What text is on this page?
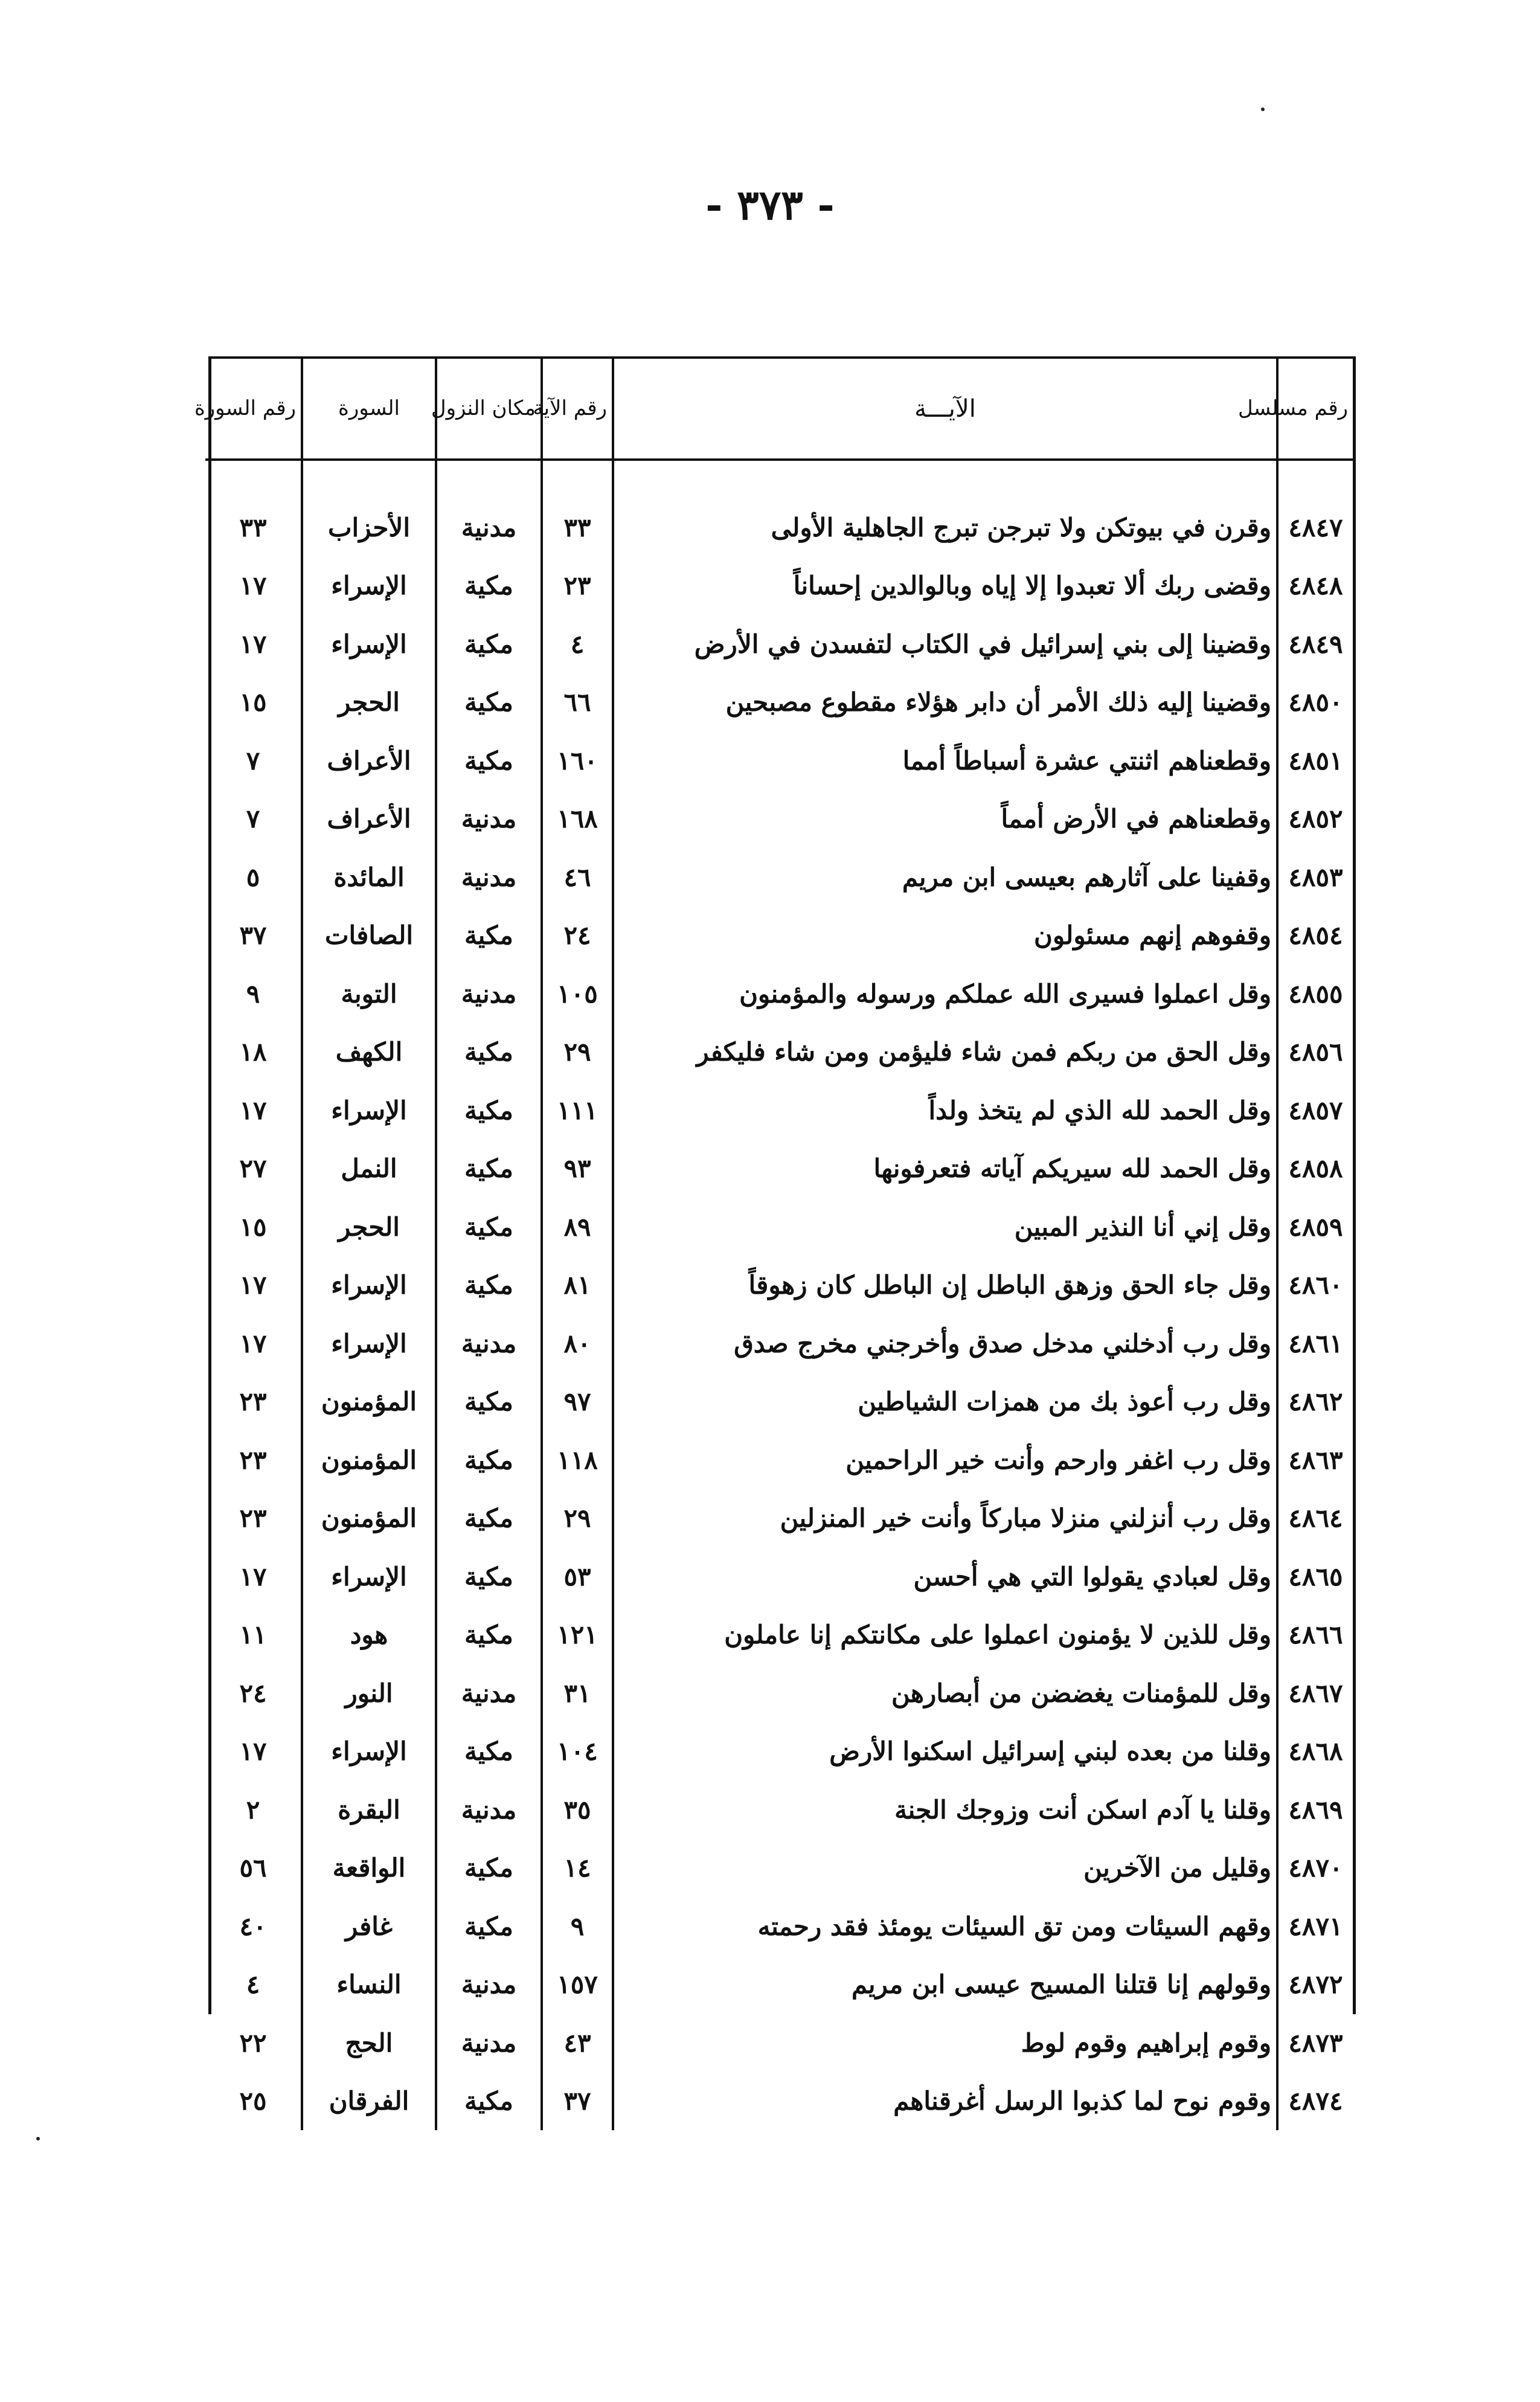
- ٣٧٣ -
رقم مسلسل	الآيـــة	رقم الآية	مكان النزول	السورة	رقم السورة

٤٨٤٧	وقرن في بيوتكن ولا تبرجن تبرج الجاهلية الأولى	٣٣	مدنية	الأحزاب	٣٣
٤٨٤٨	وقضى ربك ألا تعبدوا إلا إياه وبالوالدين إحساناً	٢٣	مكية	الإسراء	١٧
٤٨٤٩	وقضينا إلى بني إسرائيل في الكتاب لتفسدن في الأرض	٤	مكية	الإسراء	١٧
٤٨٥٠	وقضينا إليه ذلك الأمر أن دابر هؤلاء مقطوع مصبحين	٦٦	مكية	الحجر	١٥
٤٨٥١	وقطعناهم اثنتي عشرة أسباطاً أمما	١٦٠	مكية	الأعراف	٧
٤٨٥٢	وقطعناهم في الأرض أمماً	١٦٨	مدنية	الأعراف	٧
٤٨٥٣	وقفينا على آثارهم بعيسى ابن مريم	٤٦	مدنية	المائدة	٥
٤٨٥٤	وقفوهم إنهم مسئولون	٢٤	مكية	الصافات	٣٧
٤٨٥٥	وقل اعملوا فسيرى الله عملكم ورسوله والمؤمنون	١٠٥	مدنية	التوبة	٩
٤٨٥٦	وقل الحق من ربكم فمن شاء فليؤمن ومن شاء فليكفر	٢٩	مكية	الكهف	١٨
٤٨٥٧	وقل الحمد لله الذي لم يتخذ ولداً	١١١	مكية	الإسراء	١٧
٤٨٥٨	وقل الحمد لله سيريكم آياته فتعرفونها	٩٣	مكية	النمل	٢٧
٤٨٥٩	وقل إني أنا النذير المبين	٨٩	مكية	الحجر	١٥
٤٨٦٠	وقل جاء الحق وزهق الباطل إن الباطل كان زهوقاً	٨١	مكية	الإسراء	١٧
٤٨٦١	وقل رب أدخلني مدخل صدق وأخرجني مخرج صدق	٨٠	مدنية	الإسراء	١٧
٤٨٦٢	وقل رب أعوذ بك من همزات الشياطين	٩٧	مكية	المؤمنون	٢٣
٤٨٦٣	وقل رب اغفر وارحم وأنت خير الراحمين	١١٨	مكية	المؤمنون	٢٣
٤٨٦٤	وقل رب أنزلني منزلا مباركاً وأنت خير المنزلين	٢٩	مكية	المؤمنون	٢٣
٤٨٦٥	وقل لعبادي يقولوا التي هي أحسن	٥٣	مكية	الإسراء	١٧
٤٨٦٦	وقل للذين لا يؤمنون اعملوا على مكانتكم إنا عاملون	١٢١	مكية	هود	١١
٤٨٦٧	وقل للمؤمنات يغضضن من أبصارهن	٣١	مدنية	النور	٢٤
٤٨٦٨	وقلنا من بعده لبني إسرائيل اسكنوا الأرض	١٠٤	مكية	الإسراء	١٧
٤٨٦٩	وقلنا يا آدم اسكن أنت وزوجك الجنة	٣٥	مدنية	البقرة	٢
٤٨٧٠	وقليل من الآخرين	١٤	مكية	الواقعة	٥٦
٤٨٧١	وقهم السيئات ومن تق السيئات يومئذ فقد رحمته	٩	مكية	غافر	٤٠
٤٨٧٢	وقولهم إنا قتلنا المسيح عيسى ابن مريم	١٥٧	مدنية	النساء	٤
٤٨٧٣	وقوم إبراهيم وقوم لوط	٤٣	مدنية	الحج	٢٢
٤٨٧٤	وقوم نوح لما كذبوا الرسل أغرقناهم	٣٧	مكية	الفرقان	٢٥
